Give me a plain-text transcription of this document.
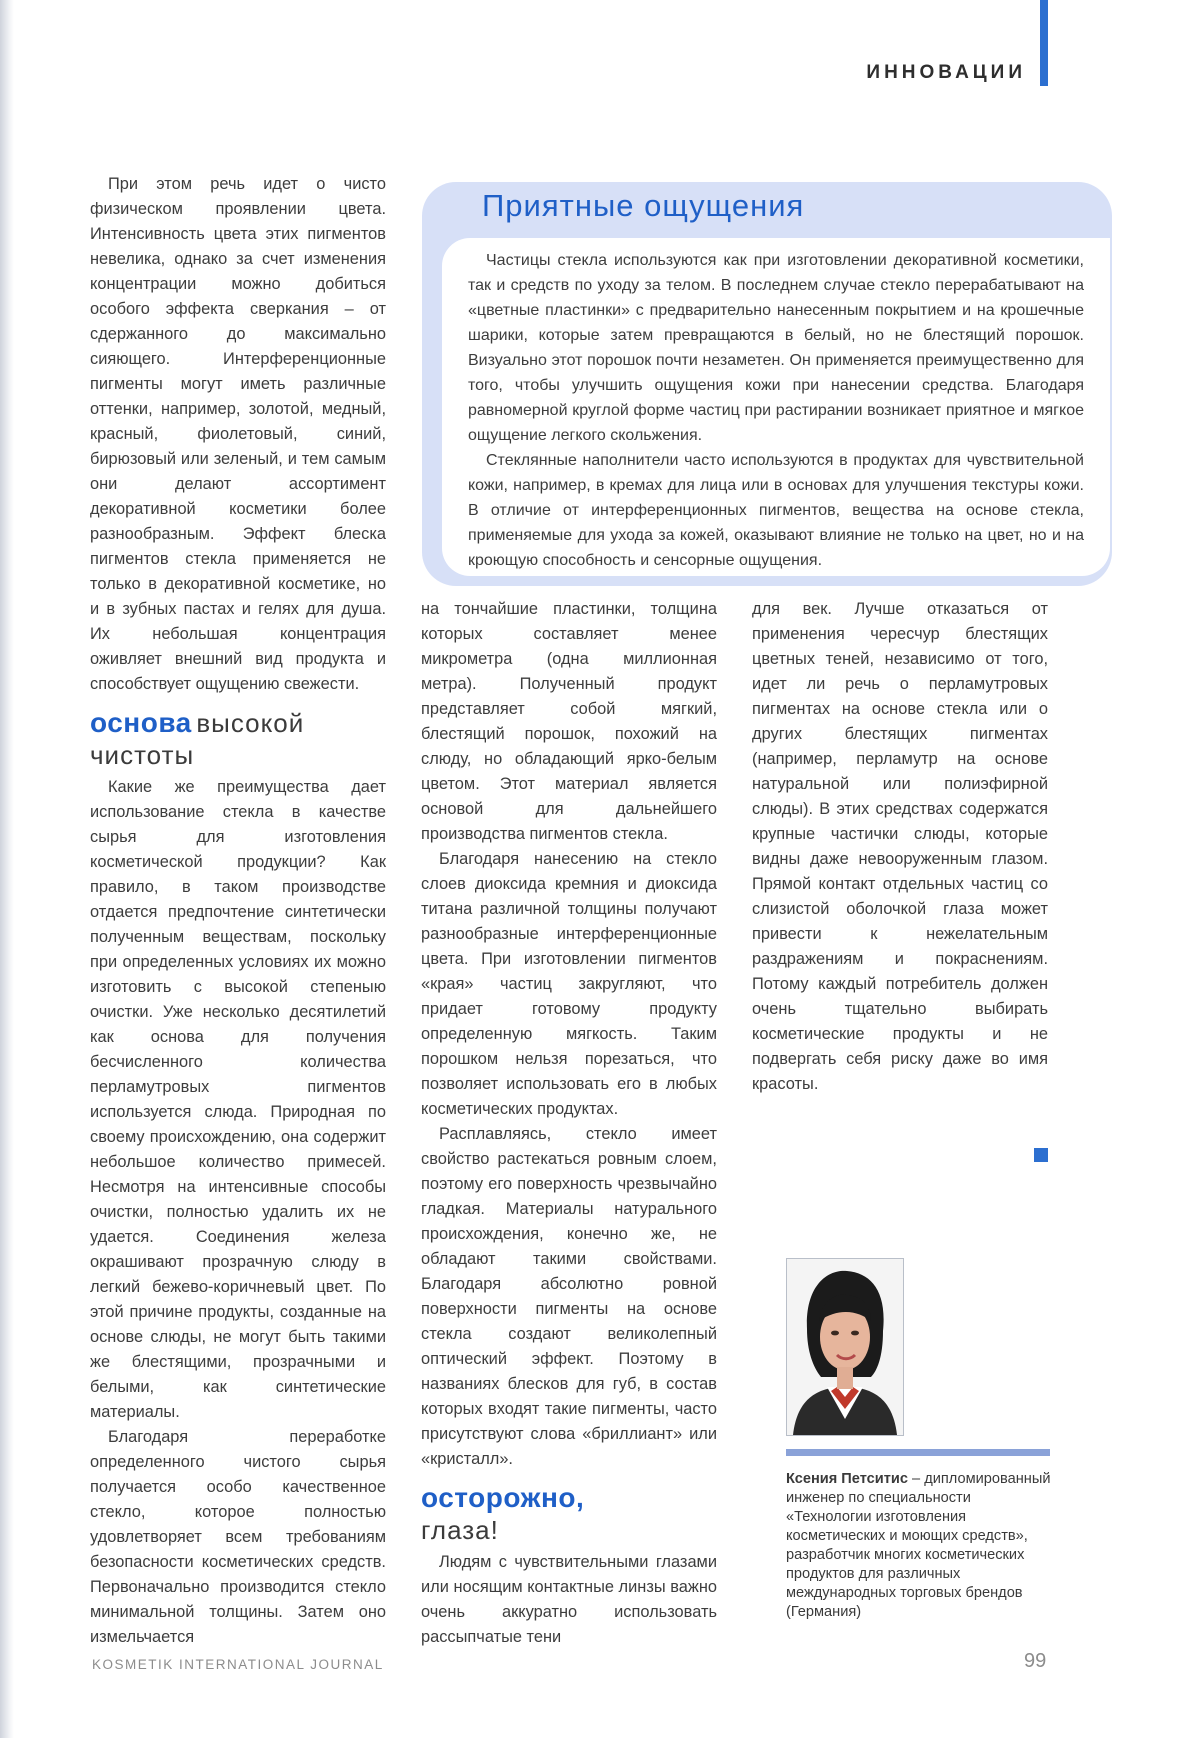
ИННОВАЦИИ

При этом речь идет о чисто физическом проявлении цвета. Интенсивность цвета этих пигментов невелика, однако за счет изменения концентрации можно добиться особого эффекта сверкания – от сдержанного до максимально сияющего. Интерференционные пигменты могут иметь различные оттенки, например, золотой, медный, красный, фиолетовый, синий, бирюзовый или зеленый, и тем самым они делают ассортимент декоративной косметики более разнообразным. Эффект блеска пигментов стекла применяется не только в декоративной косметике, но и в зубных пастах и гелях для душа. Их небольшая концентрация оживляет внешний вид продукта и способствует ощущению свежести.

основа высокой
чистоты

Какие же преимущества дает использование стекла в качестве сырья для изготовления косметической продукции? Как правило, в таком производстве отдается предпочтение синтетически полученным веществам, поскольку при определенных условиях их можно изготовить с высокой степеныю очистки. Уже несколько десятилетий как основа для получения бесчисленного количества перламутровых пигментов используется слюда. Природная по своему происхождению, она содержит небольшое количество примесей. Несмотря на интенсивные способы очистки, полностью удалить их не удается. Соединения железа окрашивают прозрачную слюду в легкий бежево-коричневый цвет. По этой причине продукты, созданные на основе слюды, не могут быть такими же блестящими, прозрачными и белыми, как синтетические материалы.

Благодаря переработке определенного чистого сырья получается особо качественное стекло, которое полностью удовлетворяет всем требованиям безопасности косметических средств. Первоначально производится стекло минимальной толщины. Затем оно измельчается

Приятные ощущения

Частицы стекла используются как при изготовлении декоративной косметики, так и средств по уходу за телом. В последнем случае стекло перерабатывают на «цветные пластинки» с предварительно нанесенным покрытием и на крошечные шарики, которые затем превращаются в белый, но не блестящий порошок. Визуально этот порошок почти незаметен. Он применяется преимущественно для того, чтобы улучшить ощущения кожи при нанесении средства. Благодаря равномерной круглой форме частиц при растирании возникает приятное и мягкое ощущение легкого скольжения.

Стеклянные наполнители часто используются в продуктах для чувствительной кожи, например, в кремах для лица или в основах для улучшения текстуры кожи. В отличие от интерференционных пигментов, вещества на основе стекла, применяемые для ухода за кожей, оказывают влияние не только на цвет, но и на кроющую способность и сенсорные ощущения.

на тончайшие пластинки, толщина которых составляет менее микрометра (одна миллионная метра). Полученный продукт представляет собой мягкий, блестящий порошок, похожий на слюду, но обладающий ярко-белым цветом. Этот материал является основой для дальнейшего производства пигментов стекла.

Благодаря нанесению на стекло слоев диоксида кремния и диоксида титана различной толщины получают разнообразные интерференционные цвета. При изготовлении пигментов «края» частиц закругляют, что придает готовому продукту определенную мягкость. Таким порошком нельзя порезаться, что позволяет использовать его в любых косметических продуктах.

Расплавляясь, стекло имеет свойство растекаться ровным слоем, поэтому его поверхность чрезвычайно гладкая. Материалы натурального происхождения, конечно же, не обладают такими свойствами. Благодаря абсолютно ровной поверхности пигменты на основе стекла создают великолепный оптический эффект. Поэтому в названиях блесков для губ, в состав которых входят такие пигменты, часто присутствуют слова «бриллиант» или «кристалл».

осторожно,
глаза!

Людям с чувствительными глазами или носящим контактные линзы важно очень аккуратно использовать рассыпчатые тени

для век. Лучше отказаться от применения чересчур блестящих цветных теней, независимо от того, идет ли речь о перламутровых пигментах на основе стекла или о других блестящих пигментах (например, перламутр на основе натуральной или полиэфирной слюды). В этих средствах содержатся крупные частички слюды, которые видны даже невооруженным глазом. Прямой контакт отдельных частиц со слизистой оболочкой глаза может привести к нежелательным раздражениям и покраснениям. Потому каждый потребитель должен очень тщательно выбирать косметические продукты и не подвергать себя риску даже во имя красоты.

Ксения Петситис – дипломированный инженер по специальности «Технологии изготовления косметических и моющих средств», разработчик многих косметических продуктов для различных международных торговых брендов (Германия)
KOSMETIK INTERNATIONAL JOURNAL	99
